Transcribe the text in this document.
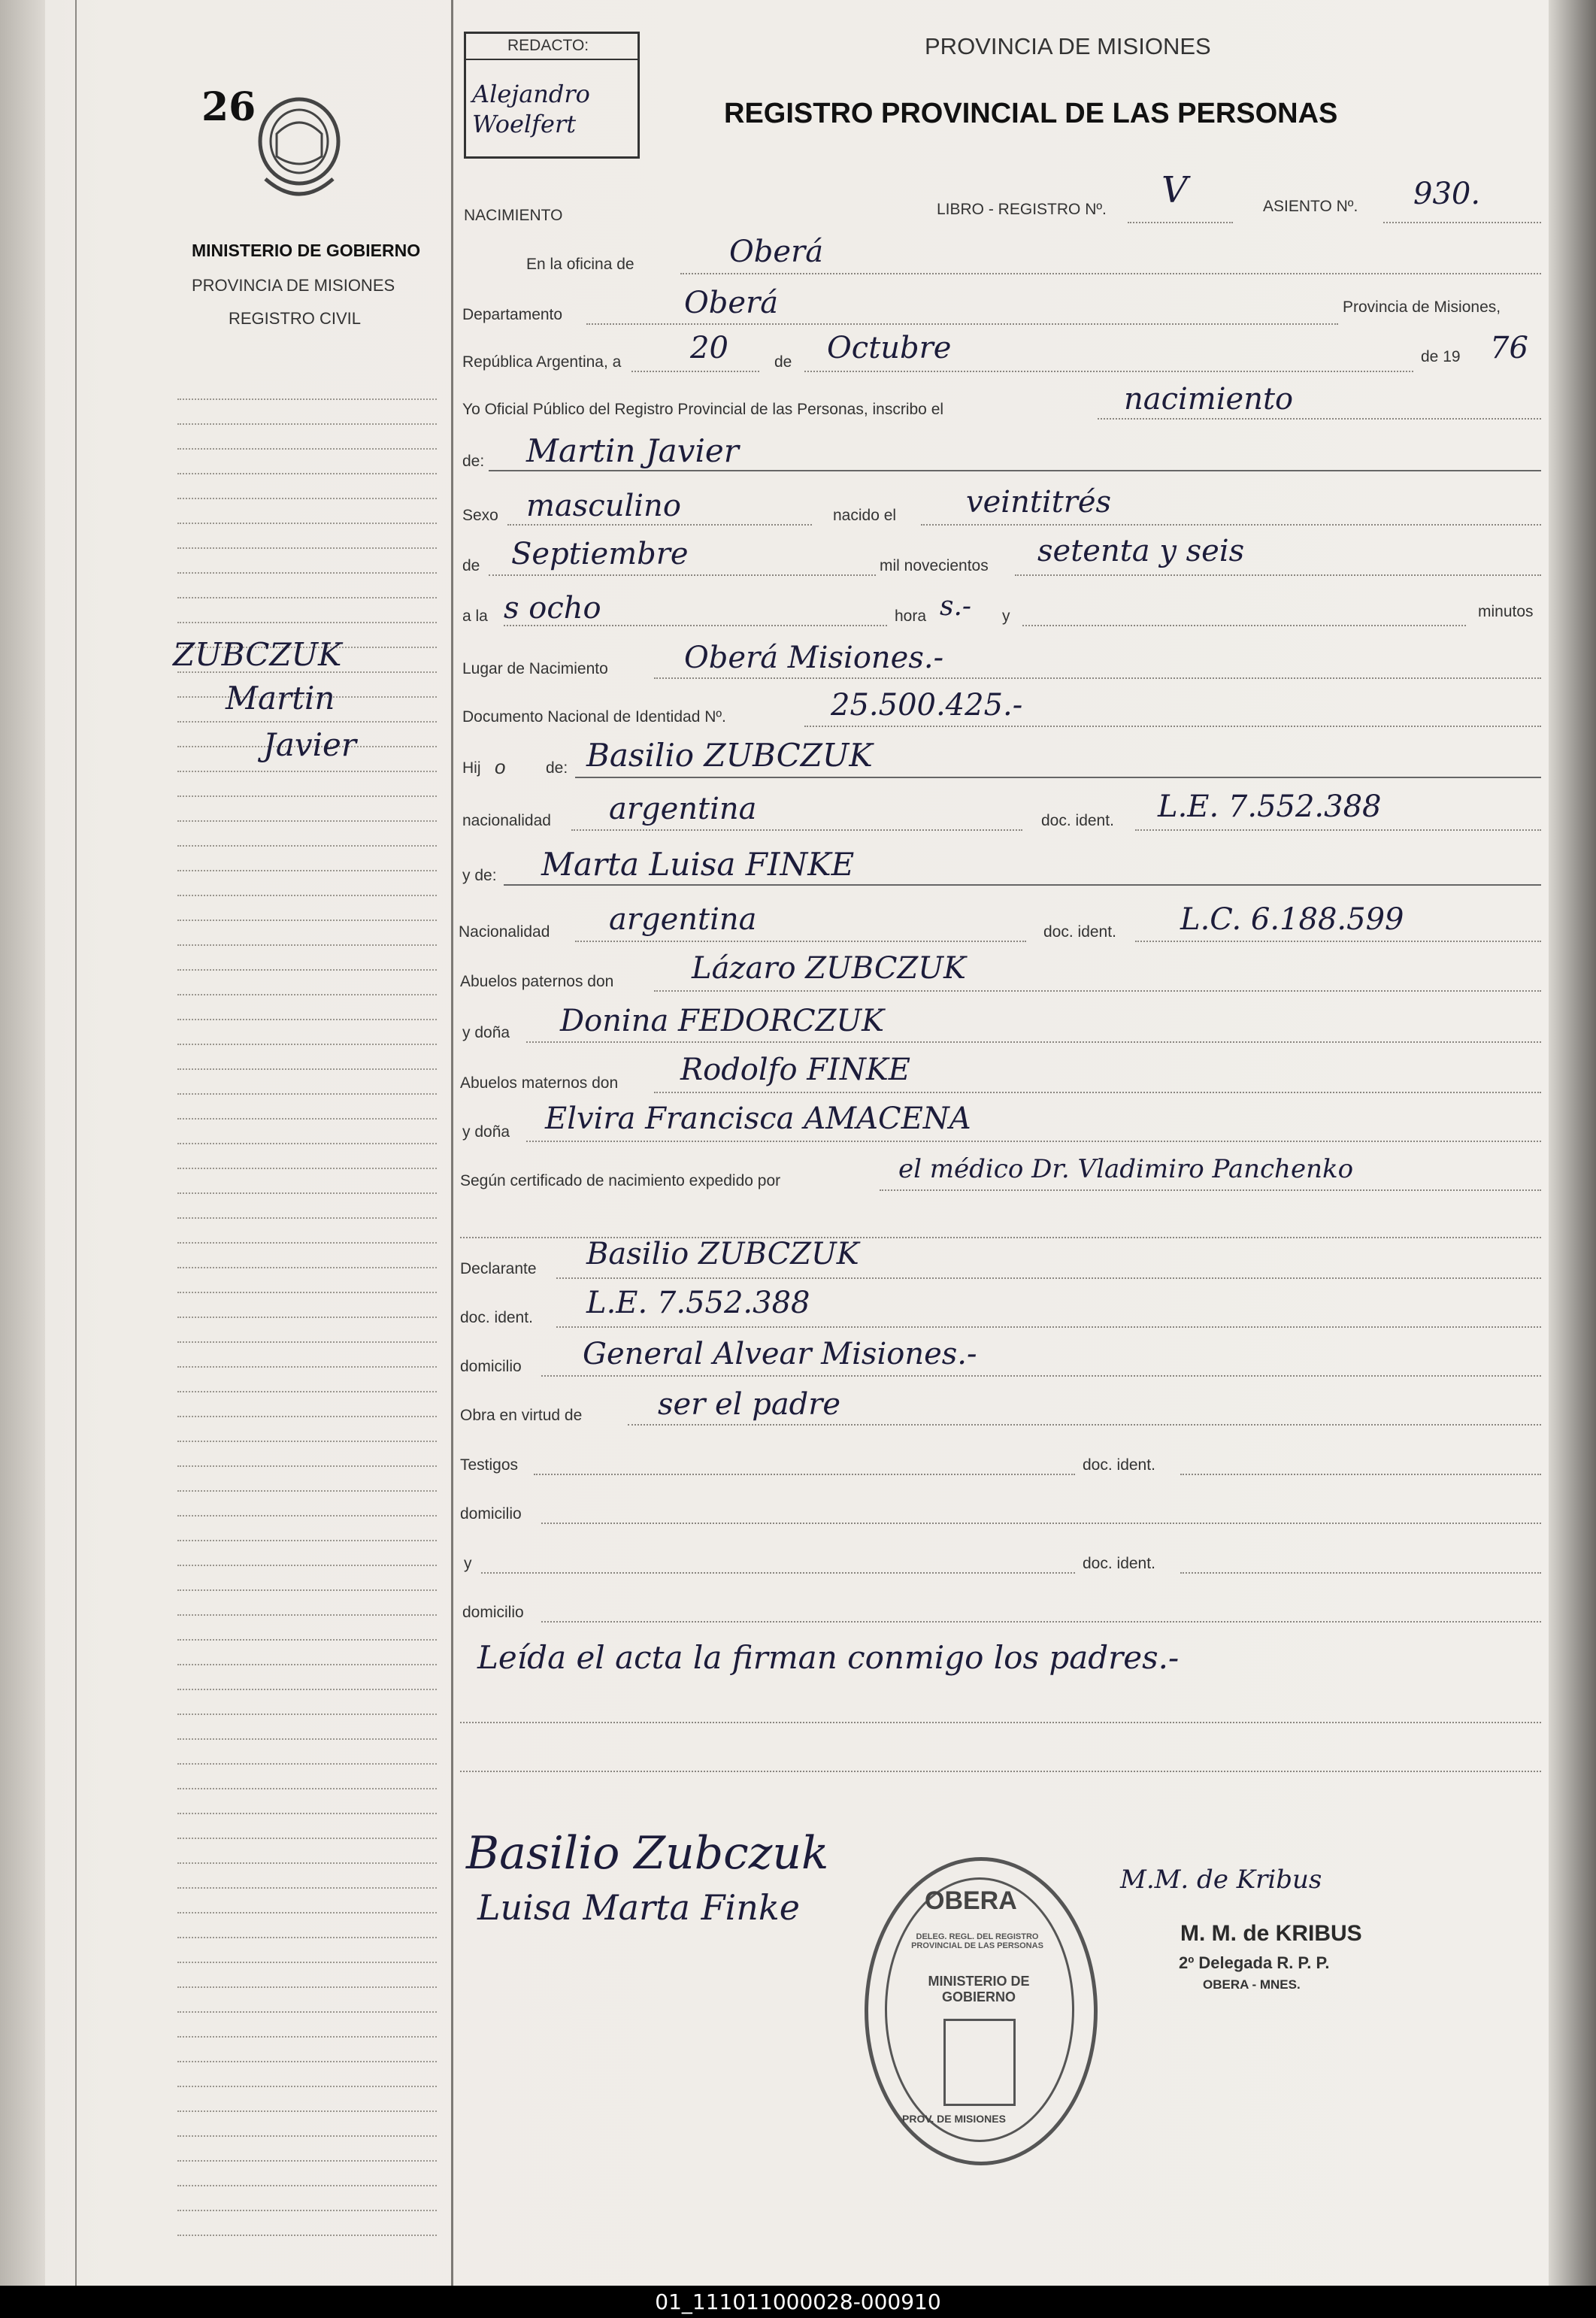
26
MINISTERIO DE GOBIERNO
PROVINCIA DE MISIONES
REGISTRO CIVIL
ZUBCZUK
Martin
Javier
REDACTO:
Alejandro Woelfert
PROVINCIA DE MISIONES
REGISTRO PROVINCIAL DE LAS PERSONAS
NACIMIENTO	LIBRO - REGISTRO Nº. V	ASIENTO Nº. 930.
En la oficina de	Oberá
Departamento	Oberá	Provincia de Misiones,
República Argentina, a 20	de Octubre	de 19 76
Yo Oficial Público del Registro Provincial de las Personas, inscribo el	nacimiento
de: Martin Javier
Sexo masculino	nacido el veintitrés
de Septiembre	mil novecientos setenta y seis
a la s ocho	hora s.- y	minutos
Lugar de Nacimiento	Oberá Misiones.-
Documento Nacional de Identidad Nº.	25.500.425.-
Hij o	de: Basilio ZUBCZUK
nacionalidad argentina	doc. ident. L.E. 7.552.388
y de: Marta Luisa FINKE
Nacionalidad argentina	doc. ident. L.C. 6.188.599
Abuelos paternos don	Lázaro ZUBCZUK
y doña Donina FEDORCZUK
Abuelos maternos don Rodolfo FINKE
y doña Elvira Francisca AMACENA
Según certificado de nacimiento expedido por	el médico Dr. Vladimiro Panchenko
Declarante Basilio ZUBCZUK
doc. ident. L.E. 7.552.388
domicilio General Alvear Misiones.-
Obra en virtud de	ser el padre
Testigos	doc. ident.
domicilio
y	doc. ident.
domicilio
Leída el acta la firman conmigo los padres.-
Basilio Zubczuk
Luisa Marta Finke
M.M. de Kribus
M. M. de KRIBUS
2º Delegada R. P. P.
OBERA - MNES.
OBERA
MINISTERIO DE GOBIERNO
PROV. DE MISIONES
DELEG. REGL. DEL REGISTRO PROVINCIAL DE LAS PERSONAS
01_111011000028-000910
